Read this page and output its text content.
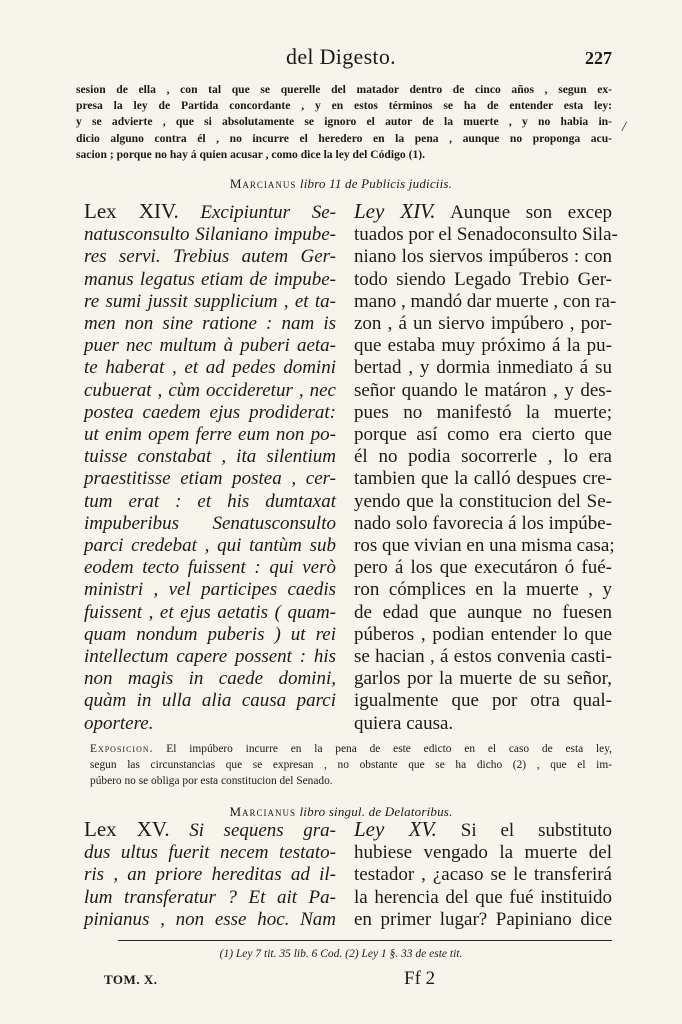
del Digesto.	227
sesion de ella , con tal que se querelle del matador dentro de cinco años , segun ex-
presa la ley de Partida concordante , y en estos términos se ha de entender esta ley:
y se advierte , que si absolutamente se ignoro el autor de la muerte , y no habia in-
dicio alguno contra él , no incurre el heredero en la pena , aunque no proponga acu-
sacion ; porque no hay á quien acusar , como dice la ley del Código (1).
/
Marcianus libro 11 de Publicis judiciis.
Lex XIV. Excipiuntur Se-
natusconsulto Silaniano impube-
res servi. Trebius autem Ger-
manus legatus etiam de impube-
re sumi jussit supplicium , et ta-
men non sine ratione : nam is
puer nec multum à puberi aeta-
te haberat , et ad pedes domini
cubuerat , cùm occideretur , nec
postea caedem ejus prodiderat:
ut enim opem ferre eum non po-
tuisse constabat , ita silentium
praestitisse etiam postea , cer-
tum erat : et his dumtaxat
impuberibus Senatusconsulto
parci credebat , qui tantùm sub
eodem tecto fuissent : qui verò
ministri , vel participes caedis
fuissent , et ejus aetatis ( quam-
quam nondum puberis ) ut rei
intellectum capere possent : his
non magis in caede domini,
quàm in ulla alia causa parci
oportere.
Ley XIV. Aunque son excep
tuados por el Senadoconsulto Sila-
niano los siervos impúberos : con
todo siendo Legado Trebio Ger-
mano , mandó dar muerte , con ra-
zon , á un siervo impúbero , por-
que estaba muy próximo á la pu-
bertad , y dormia inmediato á su
señor quando le matáron , y des-
pues no manifestó la muerte;
porque así como era cierto que
él no podia socorrerle , lo era
tambien que la calló despues cre-
yendo que la constitucion del Se-
nado solo favorecia á los impúbe-
ros que vivian en una misma casa;
pero á los que executáron ó fué-
ron cómplices en la muerte , y
de edad que aunque no fuesen
púberos , podian entender lo que
se hacian , á estos convenia casti-
garlos por la muerte de su señor,
igualmente que por otra qual-
quiera causa.
Exposicion. El impúbero incurre en la pena de este edicto en el caso de esta ley,
segun las circunstancias que se expresan , no obstante que se ha dicho (2) , que el im-
púbero no se obliga por esta constitucion del Senado.
Marcianus libro singul. de Delatoribus.
Lex XV. Si sequens gra-
dus ultus fuerit necem testato-
ris , an priore hereditas ad il-
lum transferatur ? Et ait Pa-
pinianus , non esse hoc. Nam
Ley XV. Si el substituto
hubiese vengado la muerte del
testador , ¿acaso se le transferirá
la herencia del que fué instituido
en primer lugar? Papiniano dice
(1) Ley 7 tit. 35 lib. 6 Cod. (2) Ley 1 §. 33 de este tit.
TOM. X.	Ff 2
